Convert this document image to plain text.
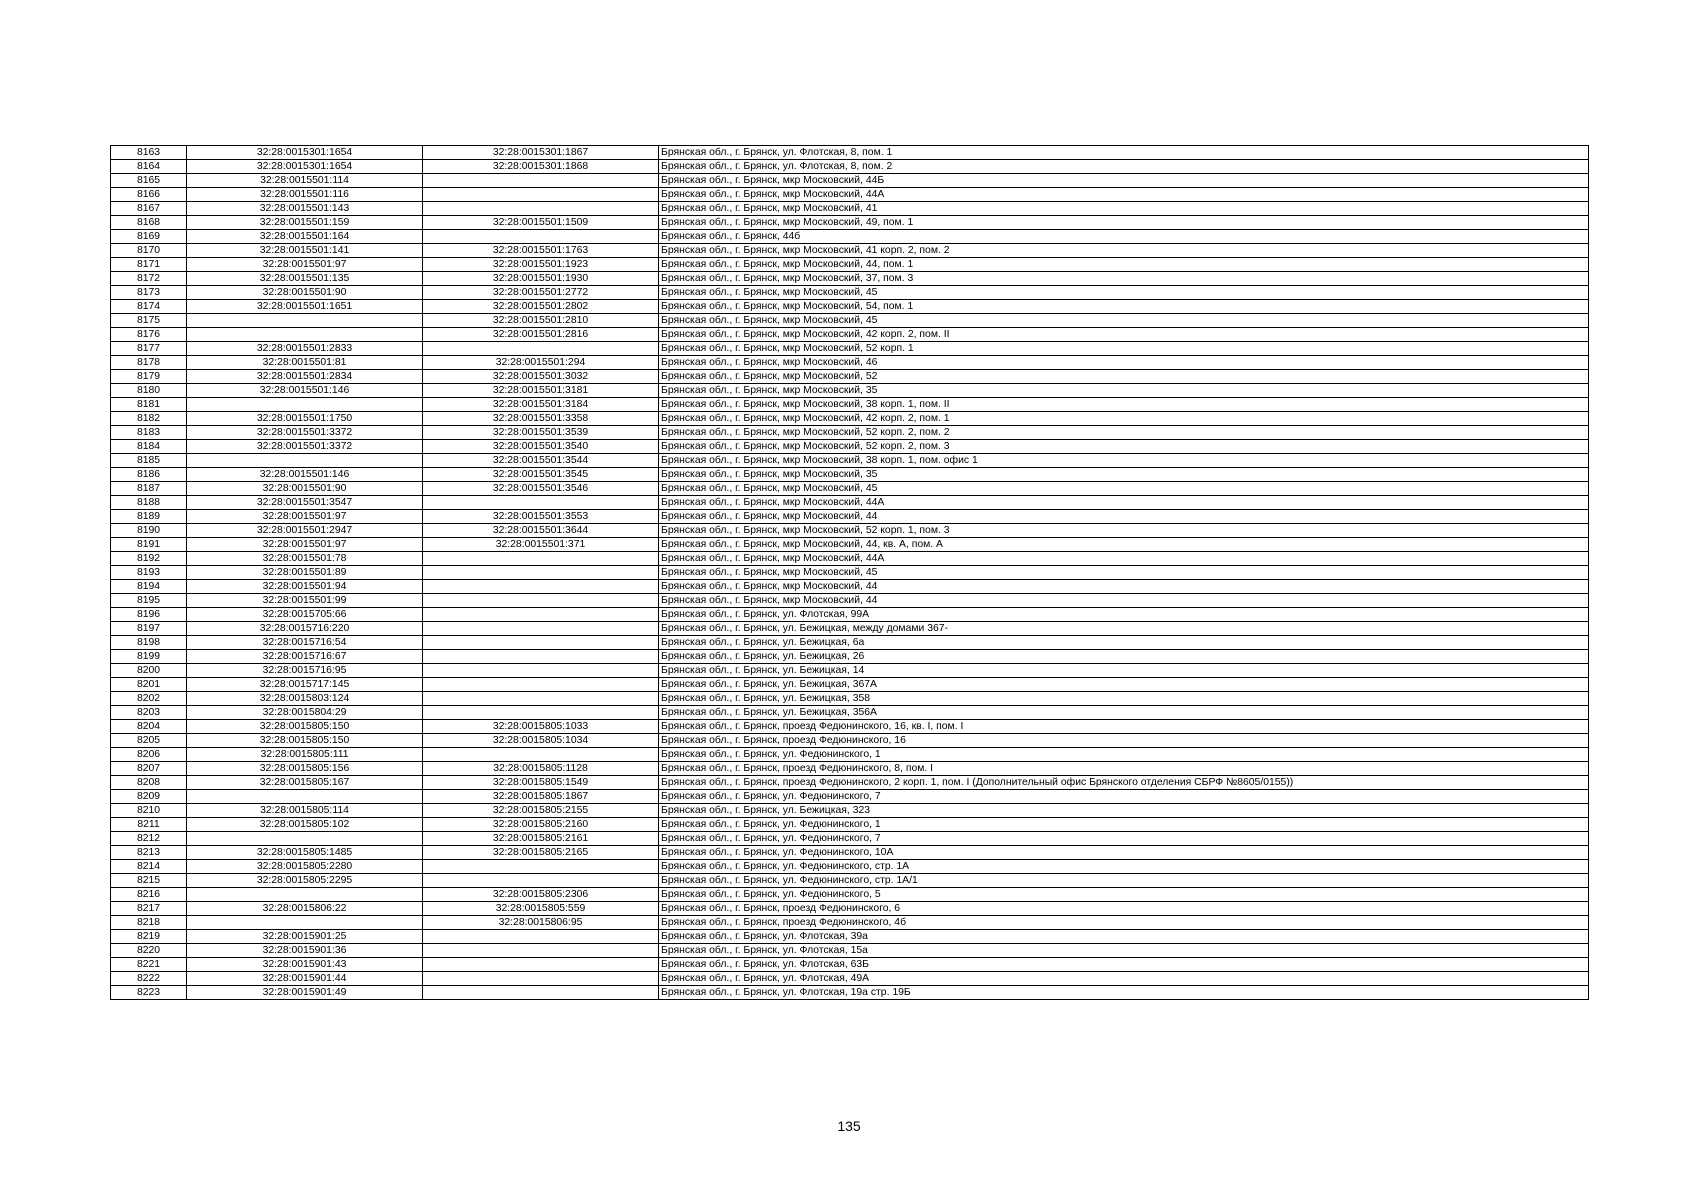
8163	32:28:0015301:1654	32:28:0015301:1867	Брянская обл., г. Брянск, ул. Флотская, 8, пом. 1
8164	32:28:0015301:1654	32:28:0015301:1868	Брянская обл., г. Брянск, ул. Флотская, 8, пом. 2
8165	32:28:0015501:114		Брянская обл., г. Брянск, мкр Московский, 44Б
8166	32:28:0015501:116		Брянская обл., г. Брянск, мкр Московский, 44А
8167	32:28:0015501:143		Брянская обл., г. Брянск, мкр Московский, 41
8168	32:28:0015501:159	32:28:0015501:1509	Брянская обл., г. Брянск, мкр Московский, 49, пом. 1
8169	32:28:0015501:164		Брянская обл., г. Брянск, 44б
8170	32:28:0015501:141	32:28:0015501:1763	Брянская обл., г. Брянск, мкр Московский, 41 корп. 2, пом. 2
8171	32:28:0015501:97	32:28:0015501:1923	Брянская обл., г. Брянск, мкр Московский, 44, пом. 1
8172	32:28:0015501:135	32:28:0015501:1930	Брянская обл., г. Брянск, мкр Московский, 37, пом. 3
8173	32:28:0015501:90	32:28:0015501:2772	Брянская обл., г. Брянск, мкр Московский, 45
8174	32:28:0015501:1651	32:28:0015501:2802	Брянская обл., г. Брянск, мкр Московский, 54, пом. 1
8175		32:28:0015501:2810	Брянская обл., г. Брянск, мкр Московский, 45
8176		32:28:0015501:2816	Брянская обл., г. Брянск, мкр Московский, 42 корп. 2, пом. II
8177	32:28:0015501:2833		Брянская обл., г. Брянск, мкр Московский, 52 корп. 1
8178	32:28:0015501:81	32:28:0015501:294	Брянская обл., г. Брянск, мкр Московский, 46
8179	32:28:0015501:2834	32:28:0015501:3032	Брянская обл., г. Брянск, мкр Московский, 52
8180	32:28:0015501:146	32:28:0015501:3181	Брянская обл., г. Брянск, мкр Московский, 35
8181		32:28:0015501:3184	Брянская обл., г. Брянск, мкр Московский, 38 корп. 1, пом. II
8182	32:28:0015501:1750	32:28:0015501:3358	Брянская обл., г. Брянск, мкр Московский, 42 корп. 2, пом. 1
8183	32:28:0015501:3372	32:28:0015501:3539	Брянская обл., г. Брянск, мкр Московский, 52 корп. 2, пом. 2
8184	32:28:0015501:3372	32:28:0015501:3540	Брянская обл., г. Брянск, мкр Московский, 52 корп. 2, пом. 3
8185		32:28:0015501:3544	Брянская обл., г. Брянск, мкр Московский, 38 корп. 1, пом. офис 1
8186	32:28:0015501:146	32:28:0015501:3545	Брянская обл., г. Брянск, мкр Московский, 35
8187	32:28:0015501:90	32:28:0015501:3546	Брянская обл., г. Брянск, мкр Московский, 45
8188	32:28:0015501:3547		Брянская обл., г. Брянск, мкр Московский, 44А
8189	32:28:0015501:97	32:28:0015501:3553	Брянская обл., г. Брянск, мкр Московский, 44
8190	32:28:0015501:2947	32:28:0015501:3644	Брянская обл., г. Брянск, мкр Московский, 52 корп. 1, пом. 3
8191	32:28:0015501:97	32:28:0015501:371	Брянская обл., г. Брянск, мкр Московский, 44, кв. А, пом. А
8192	32:28:0015501:78		Брянская обл., г. Брянск, мкр Московский, 44А
8193	32:28:0015501:89		Брянская обл., г. Брянск, мкр Московский, 45
8194	32:28:0015501:94		Брянская обл., г. Брянск, мкр Московский, 44
8195	32:28:0015501:99		Брянская обл., г. Брянск, мкр Московский, 44
8196	32:28:0015705:66		Брянская обл., г. Брянск, ул. Флотская, 99А
8197	32:28:0015716:220		Брянская обл., г. Брянск, ул. Бежицкая, между домами 367-
8198	32:28:0015716:54		Брянская обл., г. Брянск, ул. Бежицкая, 6а
8199	32:28:0015716:67		Брянская обл., г. Брянск, ул. Бежицкая, 26
8200	32:28:0015716:95		Брянская обл., г. Брянск, ул. Бежицкая, 14
8201	32:28:0015717:145		Брянская обл., г. Брянск, ул. Бежицкая, 367А
8202	32:28:0015803:124		Брянская обл., г. Брянск, ул. Бежицкая, 358
8203	32:28:0015804:29		Брянская обл., г. Брянск, ул. Бежицкая, 356А
8204	32:28:0015805:150	32:28:0015805:1033	Брянская обл., г. Брянск, проезд Федюнинского, 16, кв. I, пом. I
8205	32:28:0015805:150	32:28:0015805:1034	Брянская обл., г. Брянск, проезд Федюнинского, 16
8206	32:28:0015805:111		Брянская обл., г. Брянск, ул. Федюнинского, 1
8207	32:28:0015805:156	32:28:0015805:1128	Брянская обл., г. Брянск, проезд Федюнинского, 8, пом. I
8208	32:28:0015805:167	32:28:0015805:1549	Брянская обл., г. Брянск, проезд Федюнинского, 2 корп. 1, пом. I (Дополнительный офис Брянского отделения СБРФ №8605/0155))
8209		32:28:0015805:1867	Брянская обл., г. Брянск, ул. Федюнинского, 7
8210	32:28:0015805:114	32:28:0015805:2155	Брянская обл., г. Брянск, ул. Бежицкая, 323
8211	32:28:0015805:102	32:28:0015805:2160	Брянская обл., г. Брянск, ул. Федюнинского, 1
8212		32:28:0015805:2161	Брянская обл., г. Брянск, ул. Федюнинского, 7
8213	32:28:0015805:1485	32:28:0015805:2165	Брянская обл., г. Брянск, ул. Федюнинского, 10А
8214	32:28:0015805:2280		Брянская обл., г. Брянск, ул. Федюнинского, стр. 1А
8215	32:28:0015805:2295		Брянская обл., г. Брянск, ул. Федюнинского, стр. 1А/1
8216		32:28:0015805:2306	Брянская обл., г. Брянск, ул. Федюнинского, 5
8217	32:28:0015806:22	32:28:0015805:559	Брянская обл., г. Брянск, проезд Федюнинского, 6
8218		32:28:0015806:95	Брянская обл., г. Брянск, проезд Федюнинского, 4б
8219	32:28:0015901:25		Брянская обл., г. Брянск, ул. Флотская, 39а
8220	32:28:0015901:36		Брянская обл., г. Брянск, ул. Флотская, 15а
8221	32:28:0015901:43		Брянская обл., г. Брянск, ул. Флотская, 63Б
8222	32:28:0015901:44		Брянская обл., г. Брянск, ул. Флотская, 49А
8223	32:28:0015901:49		Брянская обл., г. Брянск, ул. Флотская, 19а стр. 19Б
135
